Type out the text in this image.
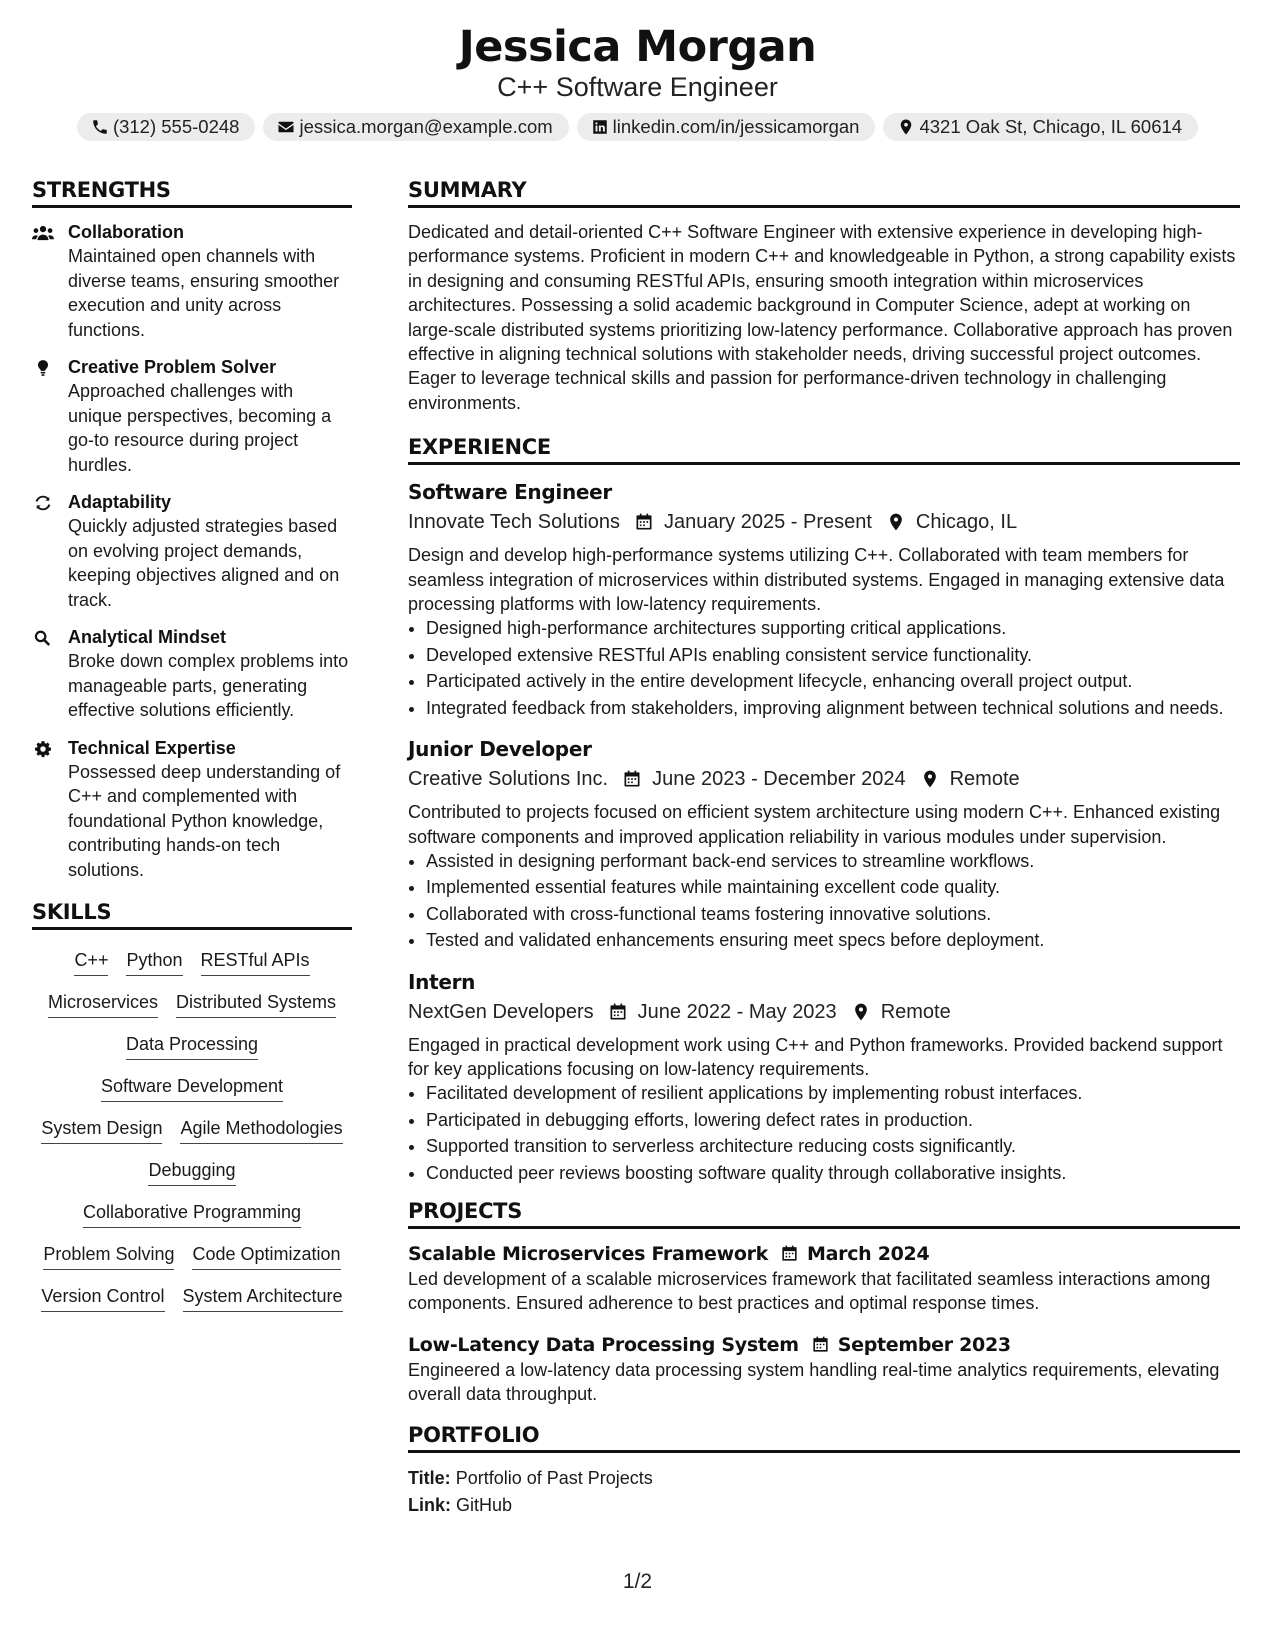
Jessica Morgan
C++ Software Engineer
(312) 555-0248	jessica.morgan@example.com	linkedin.com/in/jessicamorgan	4321 Oak St, Chicago, IL 60614
STRENGTHS
Collaboration
Maintained open channels with diverse teams, ensuring smoother execution and unity across functions.
Creative Problem Solver
Approached challenges with unique perspectives, becoming a go-to resource during project hurdles.
Adaptability
Quickly adjusted strategies based on evolving project demands, keeping objectives aligned and on track.
Analytical Mindset
Broke down complex problems into manageable parts, generating effective solutions efficiently.
Technical Expertise
Possessed deep understanding of C++ and complemented with foundational Python knowledge, contributing hands-on tech solutions.
SKILLS
C++ Python RESTful APIs
Microservices Distributed Systems
Data Processing
Software Development
System Design Agile Methodologies
Debugging
Collaborative Programming
Problem Solving Code Optimization
Version Control System Architecture
SUMMARY
Dedicated and detail-oriented C++ Software Engineer with extensive experience in developing high-performance systems. Proficient in modern C++ and knowledgeable in Python, a strong capability exists in designing and consuming RESTful APIs, ensuring smooth integration within microservices architectures. Possessing a solid academic background in Computer Science, adept at working on large-scale distributed systems prioritizing low-latency performance. Collaborative approach has proven effective in aligning technical solutions with stakeholder needs, driving successful project outcomes. Eager to leverage technical skills and passion for performance-driven technology in challenging environments.
EXPERIENCE
Software Engineer
Innovate Tech Solutions January 2025 - Present Chicago, IL
Design and develop high-performance systems utilizing C++. Collaborated with team members for seamless integration of microservices within distributed systems. Engaged in managing extensive data processing platforms with low-latency requirements.
• Designed high-performance architectures supporting critical applications.
• Developed extensive RESTful APIs enabling consistent service functionality.
• Participated actively in the entire development lifecycle, enhancing overall project output.
• Integrated feedback from stakeholders, improving alignment between technical solutions and needs.
Junior Developer
Creative Solutions Inc. June 2023 - December 2024 Remote
Contributed to projects focused on efficient system architecture using modern C++. Enhanced existing software components and improved application reliability in various modules under supervision.
• Assisted in designing performant back-end services to streamline workflows.
• Implemented essential features while maintaining excellent code quality.
• Collaborated with cross-functional teams fostering innovative solutions.
• Tested and validated enhancements ensuring meet specs before deployment.
Intern
NextGen Developers June 2022 - May 2023 Remote
Engaged in practical development work using C++ and Python frameworks. Provided backend support for key applications focusing on low-latency requirements.
• Facilitated development of resilient applications by implementing robust interfaces.
• Participated in debugging efforts, lowering defect rates in production.
• Supported transition to serverless architecture reducing costs significantly.
• Conducted peer reviews boosting software quality through collaborative insights.
PROJECTS
Scalable Microservices Framework March 2024
Led development of a scalable microservices framework that facilitated seamless interactions among components. Ensured adherence to best practices and optimal response times.
Low-Latency Data Processing System September 2023
Engineered a low-latency data processing system handling real-time analytics requirements, elevating overall data throughput.
PORTFOLIO
Title: Portfolio of Past Projects
Link: GitHub
1/2
